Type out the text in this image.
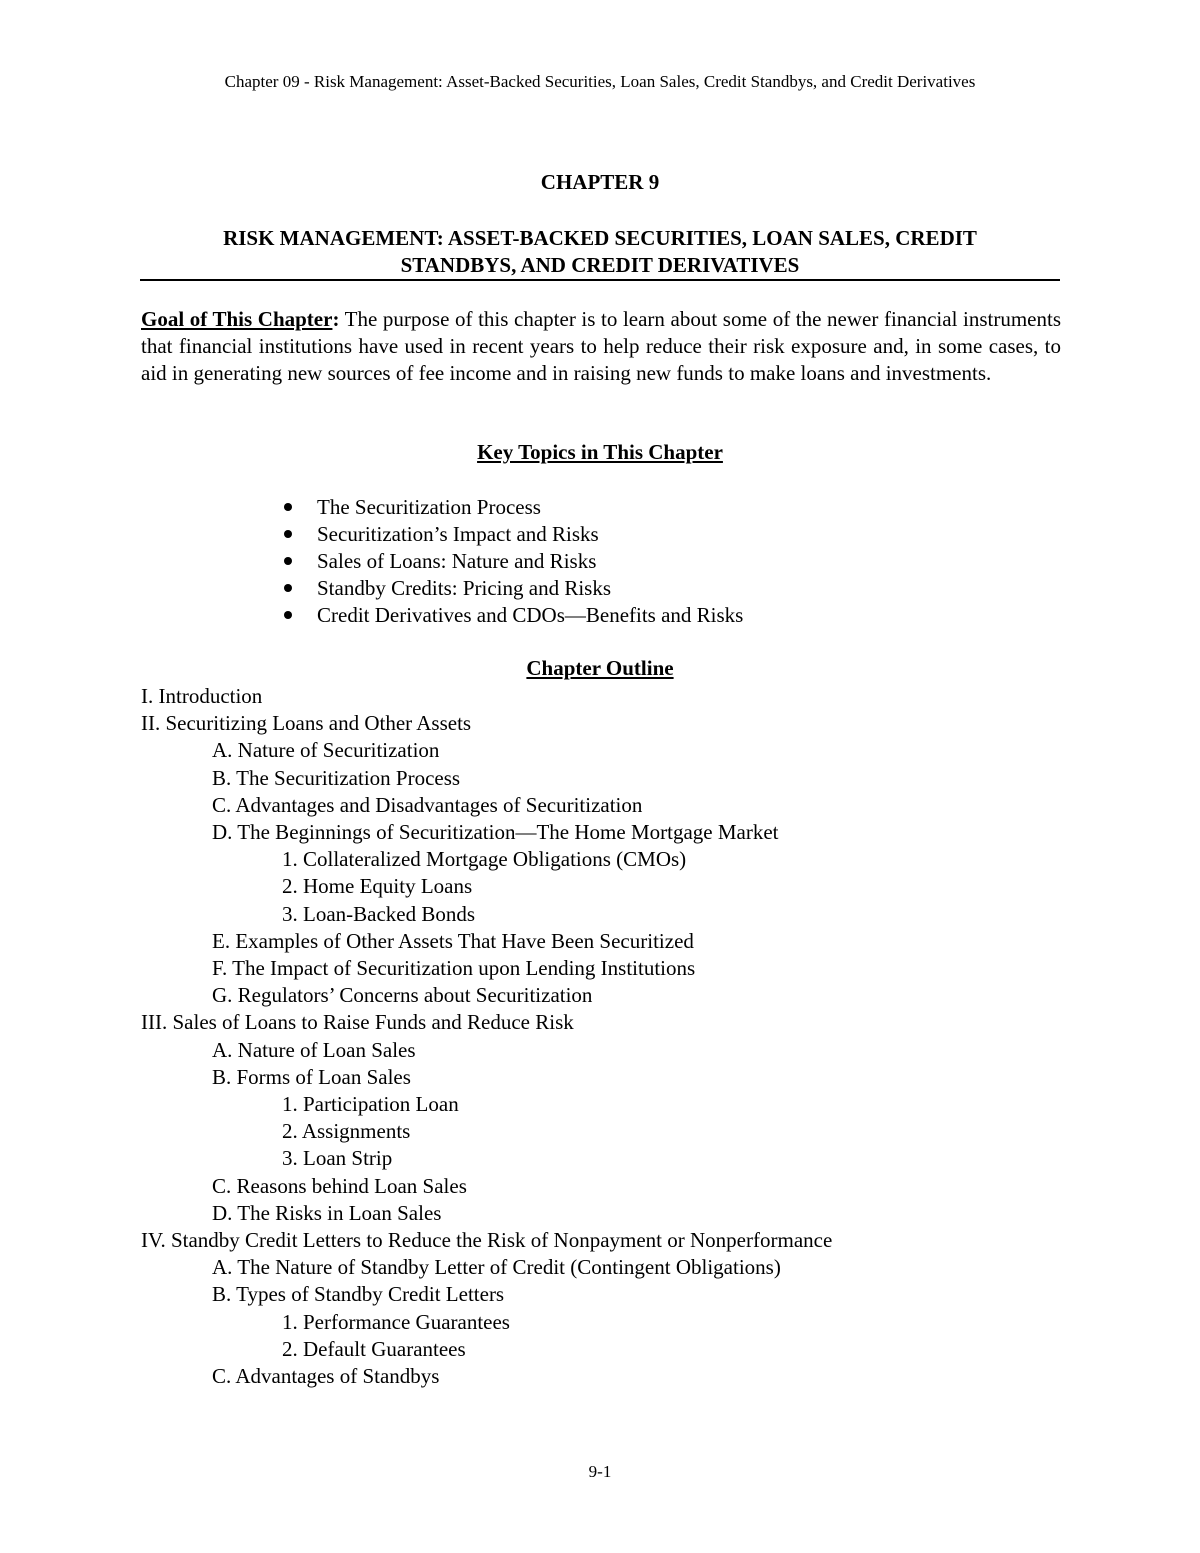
Chapter 09 - Risk Management: Asset-Backed Securities, Loan Sales, Credit Standbys, and Credit Derivatives
CHAPTER 9
RISK MANAGEMENT: ASSET-BACKED SECURITIES, LOAN SALES, CREDIT
STANDBYS, AND CREDIT DERIVATIVES
Goal of This Chapter: The purpose of this chapter is to learn about some of the newer financial instruments that financial institutions have used in recent years to help reduce their risk exposure and, in some cases, to aid in generating new sources of fee income and in raising new funds to make loans and investments.
Key Topics in This Chapter
The Securitization Process
Securitization’s Impact and Risks
Sales of Loans: Nature and Risks
Standby Credits: Pricing and Risks
Credit Derivatives and CDOs—Benefits and Risks
Chapter Outline
I. Introduction
II. Securitizing Loans and Other Assets
A. Nature of Securitization
B. The Securitization Process
C. Advantages and Disadvantages of Securitization
D. The Beginnings of Securitization—The Home Mortgage Market
1. Collateralized Mortgage Obligations (CMOs)
2. Home Equity Loans
3. Loan-Backed Bonds
E. Examples of Other Assets That Have Been Securitized
F. The Impact of Securitization upon Lending Institutions
G. Regulators’ Concerns about Securitization
III. Sales of Loans to Raise Funds and Reduce Risk
A. Nature of Loan Sales
B. Forms of Loan Sales
1. Participation Loan
2. Assignments
3. Loan Strip
C. Reasons behind Loan Sales
D. The Risks in Loan Sales
IV. Standby Credit Letters to Reduce the Risk of Nonpayment or Nonperformance
A. The Nature of Standby Letter of Credit (Contingent Obligations)
B. Types of Standby Credit Letters
1. Performance Guarantees
2. Default Guarantees
C. Advantages of Standbys
9-1
